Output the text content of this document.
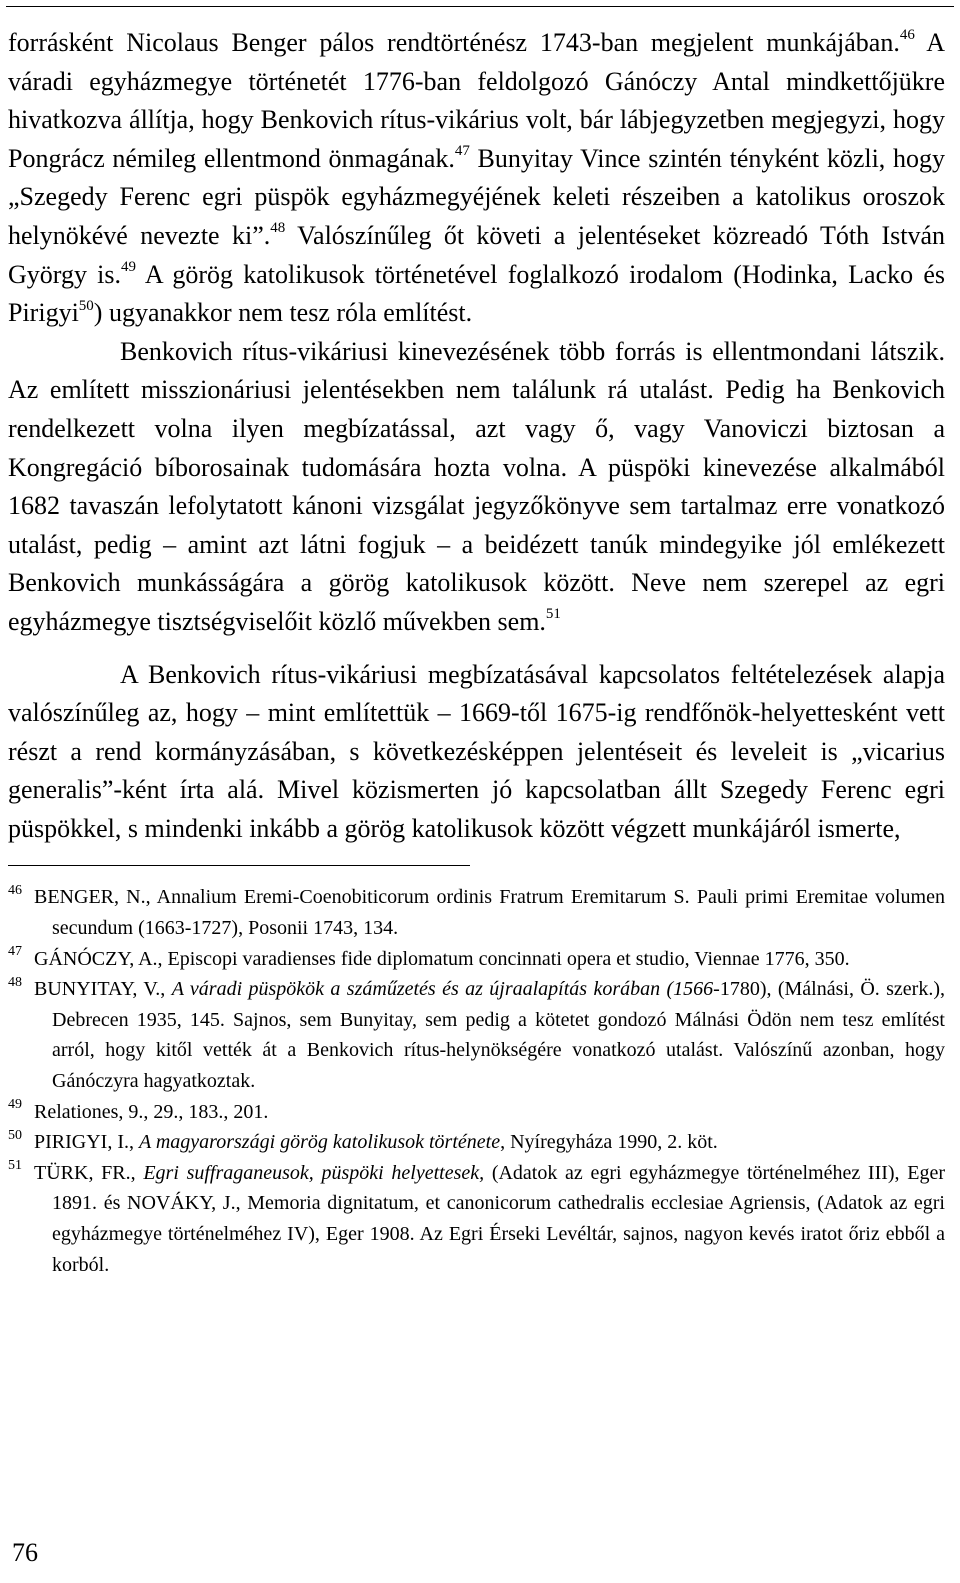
forrásként Nicolaus Benger pálos rendtörténész 1743-ban megjelent munkájában.$^{46}$ A váradi egyházmegye történetét 1776-ban feldolgozó Gánóczy Antal mindkettőjükre hivatkozva állítja, hogy Benkovich rítus-vikárius volt, bár lábjegyzetben megjegyzi, hogy Pongrácz némileg ellentmond önmagának.$^{47}$ Bunyitay Vince szintén tényként közli, hogy „Szegedy Ferenc egri püspök egyházmegyéjének keleti részeiben a katolikus oroszok helynökévé nevezte ki”.$^{48}$ Valószínűleg őt követi a jelentéseket közreadó Tóth István György is.$^{49}$ A görög katolikusok történetével foglalkozó irodalom (Hodinka, Lacko és Pirigyi$^{50}$) ugyanakkor nem tesz róla említést.

Benkovich rítus-vikáriusi kinevezésének több forrás is ellentmondani látszik. Az említett misszionáriusi jelentésekben nem találunk rá utalást. Pedig ha Benkovich rendelkezett volna ilyen megbízatással, azt vagy ő, vagy Vanoviczi biztosan a Kongregáció bíborosainak tudomására hozta volna. A püspöki kinevezése alkalmából 1682 tavaszán lefolytatott kánoni vizsgálat jegyzőkönyve sem tartalmaz erre vonatkozó utalást, pedig – amint azt látni fogjuk – a beidézett tanúk mindegyike jól emlékezett Benkovich munkásságára a görög katolikusok között. Neve nem szerepel az egri egyházmegye tisztségviselőit közlő művekben sem.$^{51}$

A Benkovich rítus-vikáriusi megbízatásával kapcsolatos feltételezések alapja valószínűleg az, hogy – mint említettük – 1669-től 1675-ig rendfőnök-helyettesként vett részt a rend kormányzásában, s következésképpen jelentéseit és leveleit is „vicarius generalis”-ként írta alá. Mivel közismerten jó kapcsolatban állt Szegedy Ferenc egri püspökkel, s mindenki inkább a görög katolikusok között végzett munkájáról ismerte,

46 BENGER, N., Annalium Eremi-Coenobiticorum ordinis Fratrum Eremitarum S. Pauli primi Eremitae volumen secundum (1663-1727), Posonii 1743, 134.

47 GÁNÓCZY, A., Episcopi varadienses fide diplomatum concinnati opera et studio, Viennae 1776, 350.

48 BUNYITAY, V., A váradi püspökök a száműzetés és az újraalapítás korában (1566-1780), (Málnási, Ö. szerk.), Debrecen 1935, 145. Sajnos, sem Bunyitay, sem pedig a kötetet gondozó Málnási Ödön nem tesz említést arról, hogy kitől vették át a Benkovich rítus-helynökségére vonatkozó utalást. Valószínű azonban, hogy Gánóczyra hagyatkoztak.

49 Relationes, 9., 29., 183., 201.

50 PIRIGYI, I., A magyarországi görög katolikusok története, Nyíregyháza 1990, 2. köt.

51 TÜRK, FR., Egri suffraganeusok, püspöki helyettesek, (Adatok az egri egyházmegye történelméhez III), Eger 1891. és NOVÁKY, J., Memoria dignitatum, et canonicorum cathedralis ecclesiae Agriensis, (Adatok az egri egyházmegye történelméhez IV), Eger 1908. Az Egri Érseki Levéltár, sajnos, nagyon kevés iratot őriz ebből a korból.

76
